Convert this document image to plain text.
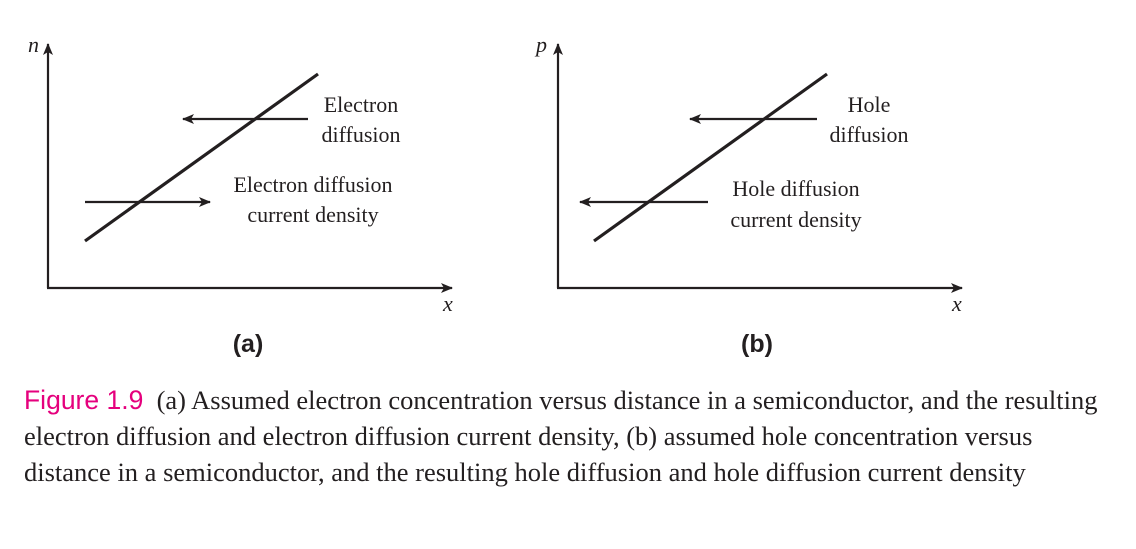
n
x
Electron
diffusion
Electron diffusion
current density
(a)
p
x
Hole
diffusion
Hole diffusion
current density
(b)
Figure 1.9 (a) Assumed electron concentration versus distance in a semiconductor, and the resulting electron diffusion and electron diffusion current density, (b) assumed hole concentration versus distance in a semiconductor, and the resulting hole diffusion and hole diffusion current density
